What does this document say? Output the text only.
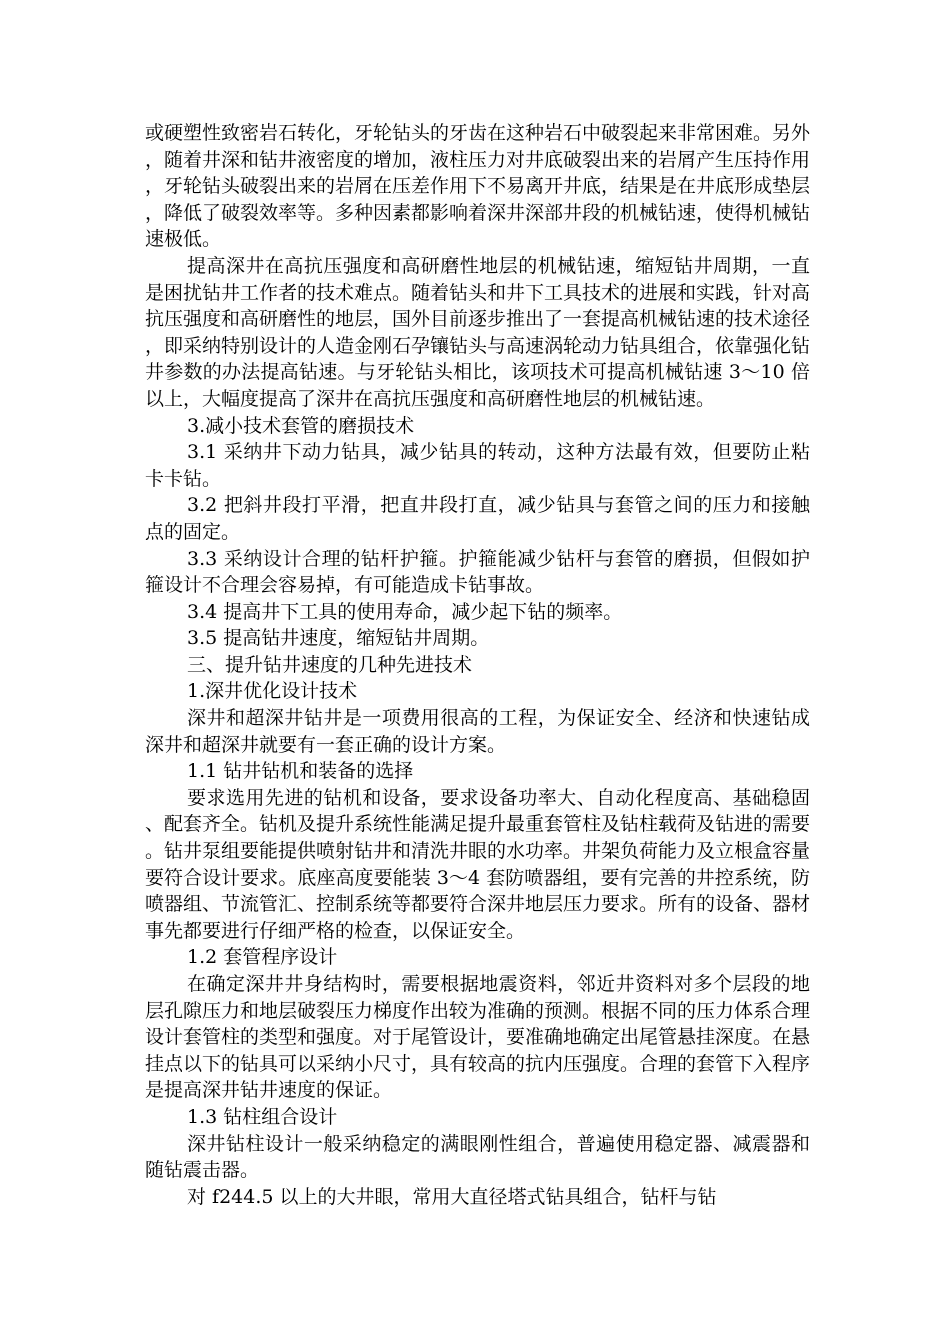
或硬塑性致密岩石转化，牙轮钻头的牙齿在这种岩石中破裂起来非常困难。另外，随着井深和钻井液密度的增加，液柱压力对井底破裂出来的岩屑产生压持作用，牙轮钻头破裂出来的岩屑在压差作用下不易离开井底，结果是在井底形成垫层，降低了破裂效率等。多种因素都影响着深井深部井段的机械钻速，使得机械钻速极低。

提高深井在高抗压强度和高研磨性地层的机械钻速，缩短钻井周期，一直是困扰钻井工作者的技术难点。随着钻头和井下工具技术的进展和实践，针对高抗压强度和高研磨性的地层，国外目前逐步推出了一套提高机械钻速的技术途径，即采纳特别设计的人造金刚石孕镶钻头与高速涡轮动力钻具组合，依靠强化钻井参数的办法提高钻速。与牙轮钻头相比，该项技术可提高机械钻速 3～10 倍以上，大幅度提高了深井在高抗压强度和高研磨性地层的机械钻速。

3.减小技术套管的磨损技术

3.1 采纳井下动力钻具，减少钻具的转动，这种方法最有效，但要防止粘卡卡钻。

3.2 把斜井段打平滑，把直井段打直，减少钻具与套管之间的压力和接触点的固定。

3.3 采纳设计合理的钻杆护箍。护箍能减少钻杆与套管的磨损，但假如护箍设计不合理会容易掉，有可能造成卡钻事故。

3.4 提高井下工具的使用寿命，减少起下钻的频率。

3.5 提高钻井速度，缩短钻井周期。

三、提升钻井速度的几种先进技术

1.深井优化设计技术

深井和超深井钻井是一项费用很高的工程，为保证安全、经济和快速钻成深井和超深井就要有一套正确的设计方案。

1.1 钻井钻机和装备的选择

要求选用先进的钻机和设备，要求设备功率大、自动化程度高、基础稳固、配套齐全。钻机及提升系统性能满足提升最重套管柱及钻柱载荷及钻进的需要。钻井泵组要能提供喷射钻井和清洗井眼的水功率。井架负荷能力及立根盒容量要符合设计要求。底座高度要能装 3～4 套防喷器组，要有完善的井控系统，防喷器组、节流管汇、控制系统等都要符合深井地层压力要求。所有的设备、器材事先都要进行仔细严格的检查，以保证安全。

1.2 套管程序设计

在确定深井井身结构时，需要根据地震资料，邻近井资料对多个层段的地层孔隙压力和地层破裂压力梯度作出较为准确的预测。根据不同的压力体系合理设计套管柱的类型和强度。对于尾管设计，要准确地确定出尾管悬挂深度。在悬挂点以下的钻具可以采纳小尺寸，具有较高的抗内压强度。合理的套管下入程序是提高深井钻井速度的保证。

1.3 钻柱组合设计

深井钻柱设计一般采纳稳定的满眼刚性组合，普遍使用稳定器、减震器和随钻震击器。

对 f244.5 以上的大井眼，常用大直径塔式钻具组合，钻杆与钻
